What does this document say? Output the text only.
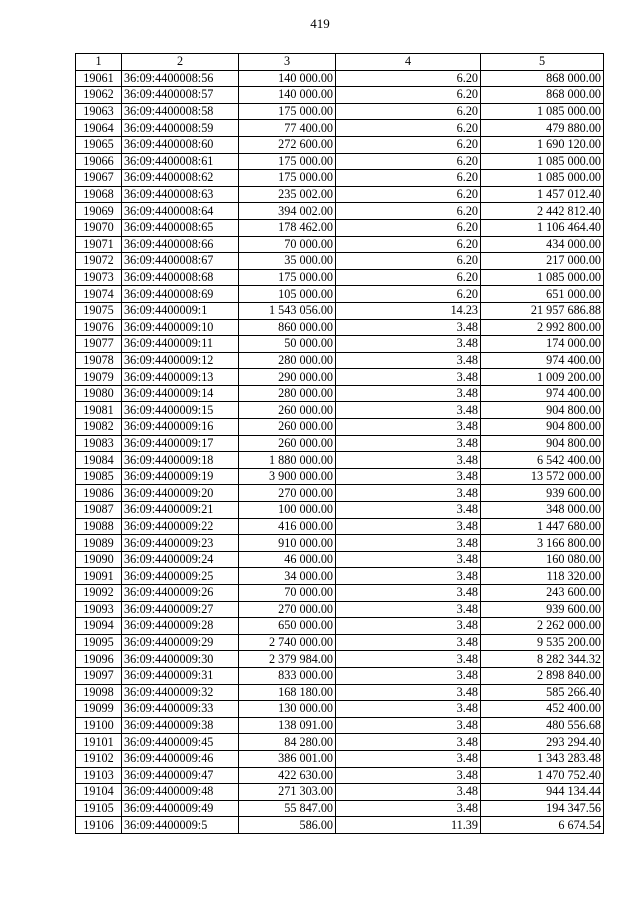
419
1	2	3	4	5
19061	36:09:4400008:56	140 000.00	6.20	868 000.00
19062	36:09:4400008:57	140 000.00	6.20	868 000.00
19063	36:09:4400008:58	175 000.00	6.20	1 085 000.00
19064	36:09:4400008:59	77 400.00	6.20	479 880.00
19065	36:09:4400008:60	272 600.00	6.20	1 690 120.00
19066	36:09:4400008:61	175 000.00	6.20	1 085 000.00
19067	36:09:4400008:62	175 000.00	6.20	1 085 000.00
19068	36:09:4400008:63	235 002.00	6.20	1 457 012.40
19069	36:09:4400008:64	394 002.00	6.20	2 442 812.40
19070	36:09:4400008:65	178 462.00	6.20	1 106 464.40
19071	36:09:4400008:66	70 000.00	6.20	434 000.00
19072	36:09:4400008:67	35 000.00	6.20	217 000.00
19073	36:09:4400008:68	175 000.00	6.20	1 085 000.00
19074	36:09:4400008:69	105 000.00	6.20	651 000.00
19075	36:09:4400009:1	1 543 056.00	14.23	21 957 686.88
19076	36:09:4400009:10	860 000.00	3.48	2 992 800.00
19077	36:09:4400009:11	50 000.00	3.48	174 000.00
19078	36:09:4400009:12	280 000.00	3.48	974 400.00
19079	36:09:4400009:13	290 000.00	3.48	1 009 200.00
19080	36:09:4400009:14	280 000.00	3.48	974 400.00
19081	36:09:4400009:15	260 000.00	3.48	904 800.00
19082	36:09:4400009:16	260 000.00	3.48	904 800.00
19083	36:09:4400009:17	260 000.00	3.48	904 800.00
19084	36:09:4400009:18	1 880 000.00	3.48	6 542 400.00
19085	36:09:4400009:19	3 900 000.00	3.48	13 572 000.00
19086	36:09:4400009:20	270 000.00	3.48	939 600.00
19087	36:09:4400009:21	100 000.00	3.48	348 000.00
19088	36:09:4400009:22	416 000.00	3.48	1 447 680.00
19089	36:09:4400009:23	910 000.00	3.48	3 166 800.00
19090	36:09:4400009:24	46 000.00	3.48	160 080.00
19091	36:09:4400009:25	34 000.00	3.48	118 320.00
19092	36:09:4400009:26	70 000.00	3.48	243 600.00
19093	36:09:4400009:27	270 000.00	3.48	939 600.00
19094	36:09:4400009:28	650 000.00	3.48	2 262 000.00
19095	36:09:4400009:29	2 740 000.00	3.48	9 535 200.00
19096	36:09:4400009:30	2 379 984.00	3.48	8 282 344.32
19097	36:09:4400009:31	833 000.00	3.48	2 898 840.00
19098	36:09:4400009:32	168 180.00	3.48	585 266.40
19099	36:09:4400009:33	130 000.00	3.48	452 400.00
19100	36:09:4400009:38	138 091.00	3.48	480 556.68
19101	36:09:4400009:45	84 280.00	3.48	293 294.40
19102	36:09:4400009:46	386 001.00	3.48	1 343 283.48
19103	36:09:4400009:47	422 630.00	3.48	1 470 752.40
19104	36:09:4400009:48	271 303.00	3.48	944 134.44
19105	36:09:4400009:49	55 847.00	3.48	194 347.56
19106	36:09:4400009:5	586.00	11.39	6 674.54
